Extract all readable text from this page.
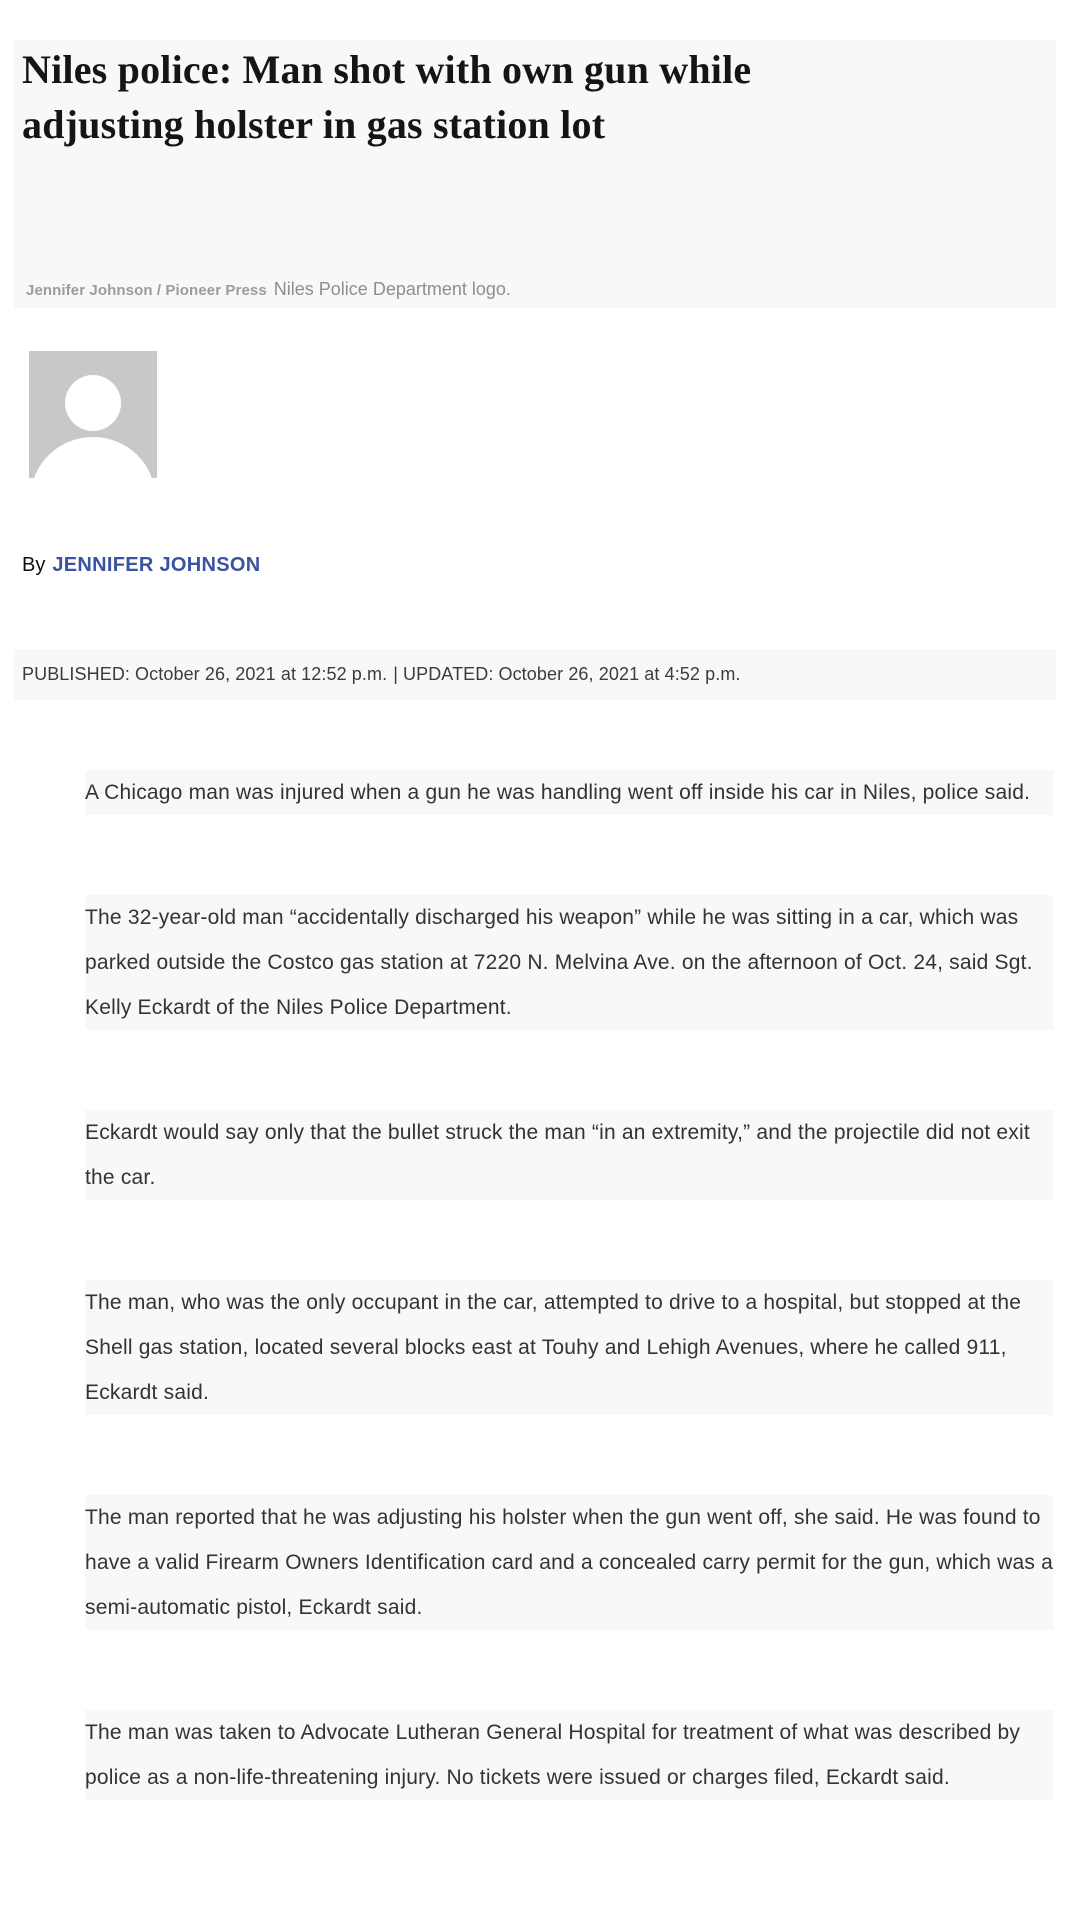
Niles police: Man shot with own gun while adjusting holster in gas station lot
Jennifer Johnson / Pioneer Press Niles Police Department logo.
By JENNIFER JOHNSON
PUBLISHED: October 26, 2021 at 12:52 p.m. | UPDATED: October 26, 2021 at 4:52 p.m.

A Chicago man was injured when a gun he was handling went off inside his car in Niles, police said.

The 32-year-old man “accidentally discharged his weapon” while he was sitting in a car, which was parked outside the Costco gas station at 7220 N. Melvina Ave. on the afternoon of Oct. 24, said Sgt. Kelly Eckardt of the Niles Police Department.

Eckardt would say only that the bullet struck the man “in an extremity,” and the projectile did not exit the car.

The man, who was the only occupant in the car, attempted to drive to a hospital, but stopped at the Shell gas station, located several blocks east at Touhy and Lehigh Avenues, where he called 911, Eckardt said.

The man reported that he was adjusting his holster when the gun went off, she said. He was found to have a valid Firearm Owners Identification card and a concealed carry permit for the gun, which was a semi-automatic pistol, Eckardt said.

The man was taken to Advocate Lutheran General Hospital for treatment of what was described by police as a non-life-threatening injury. No tickets were issued or charges filed, Eckardt said.
